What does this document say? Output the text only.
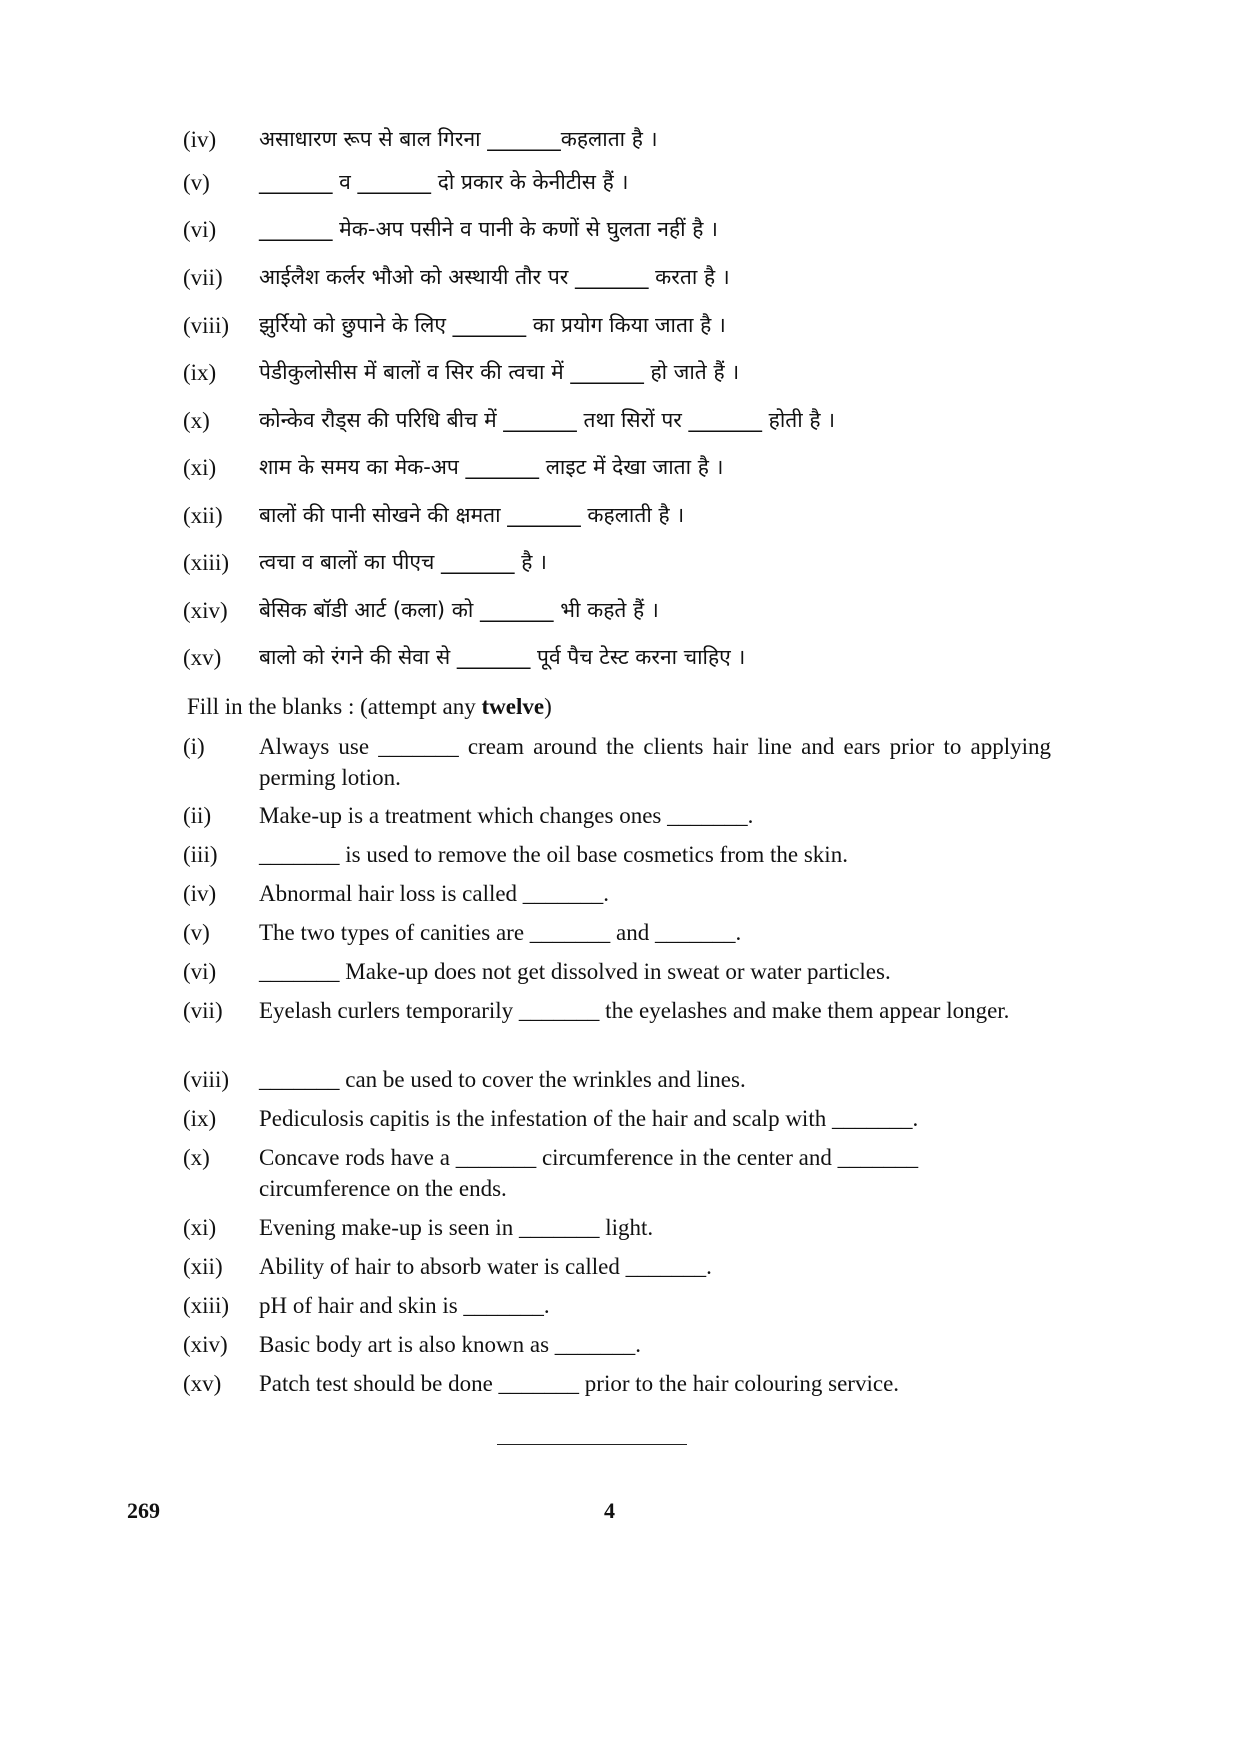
(iv)	असाधारण रूप से बाल गिरना _______कहलाता है ।
(v)	_______ व _______ दो प्रकार के केनीटीस हैं ।
(vi)	_______ मेक-अप पसीने व पानी के कणों से घुलता नहीं है ।
(vii)	आईलैश कर्लर भौओ को अस्थायी तौर पर _______ करता है ।
(viii)	झुर्रियो को छुपाने के लिए _______ का प्रयोग किया जाता है ।
(ix)	पेडीकुलोसीस में बालों व सिर की त्वचा में _______ हो जाते हैं ।
(x)	कोन्केव रौड्स की परिधि बीच में _______ तथा सिरों पर _______ होती है ।
(xi)	शाम के समय का मेक-अप _______ लाइट में देखा जाता है ।
(xii)	बालों की पानी सोखने की क्षमता _______ कहलाती है ।
(xiii)	त्वचा व बालों का पीएच _______ है ।
(xiv)	बेसिक बॉडी आर्ट (कला) को _______ भी कहते हैं ।
(xv)	बालो को रंगने की सेवा से _______ पूर्व पैच टेस्ट करना चाहिए ।
Fill in the blanks : (attempt any twelve)
(i)	Always use _______ cream around the clients hair line and ears prior to applying perming lotion.
(ii)	Make-up is a treatment which changes ones _______.
(iii)	_______ is used to remove the oil base cosmetics from the skin.
(iv)	Abnormal hair loss is called _______.
(v)	The two types of canities are _______ and _______.
(vi)	_______ Make-up does not get dissolved in sweat or water particles.
(vii)	Eyelash curlers temporarily _______ the eyelashes and make them appear longer.
(viii)	_______ can be used to cover the wrinkles and lines.
(ix)	Pediculosis capitis is the infestation of the hair and scalp with _______.
(x)	Concave rods have a _______ circumference in the center and _______ circumference on the ends.
(xi)	Evening make-up is seen in _______ light.
(xii)	Ability of hair to absorb water is called _______.
(xiii)	pH of hair and skin is _______.
(xiv)	Basic body art is also known as _______.
(xv)	Patch test should be done _______ prior to the hair colouring service.
269	4
